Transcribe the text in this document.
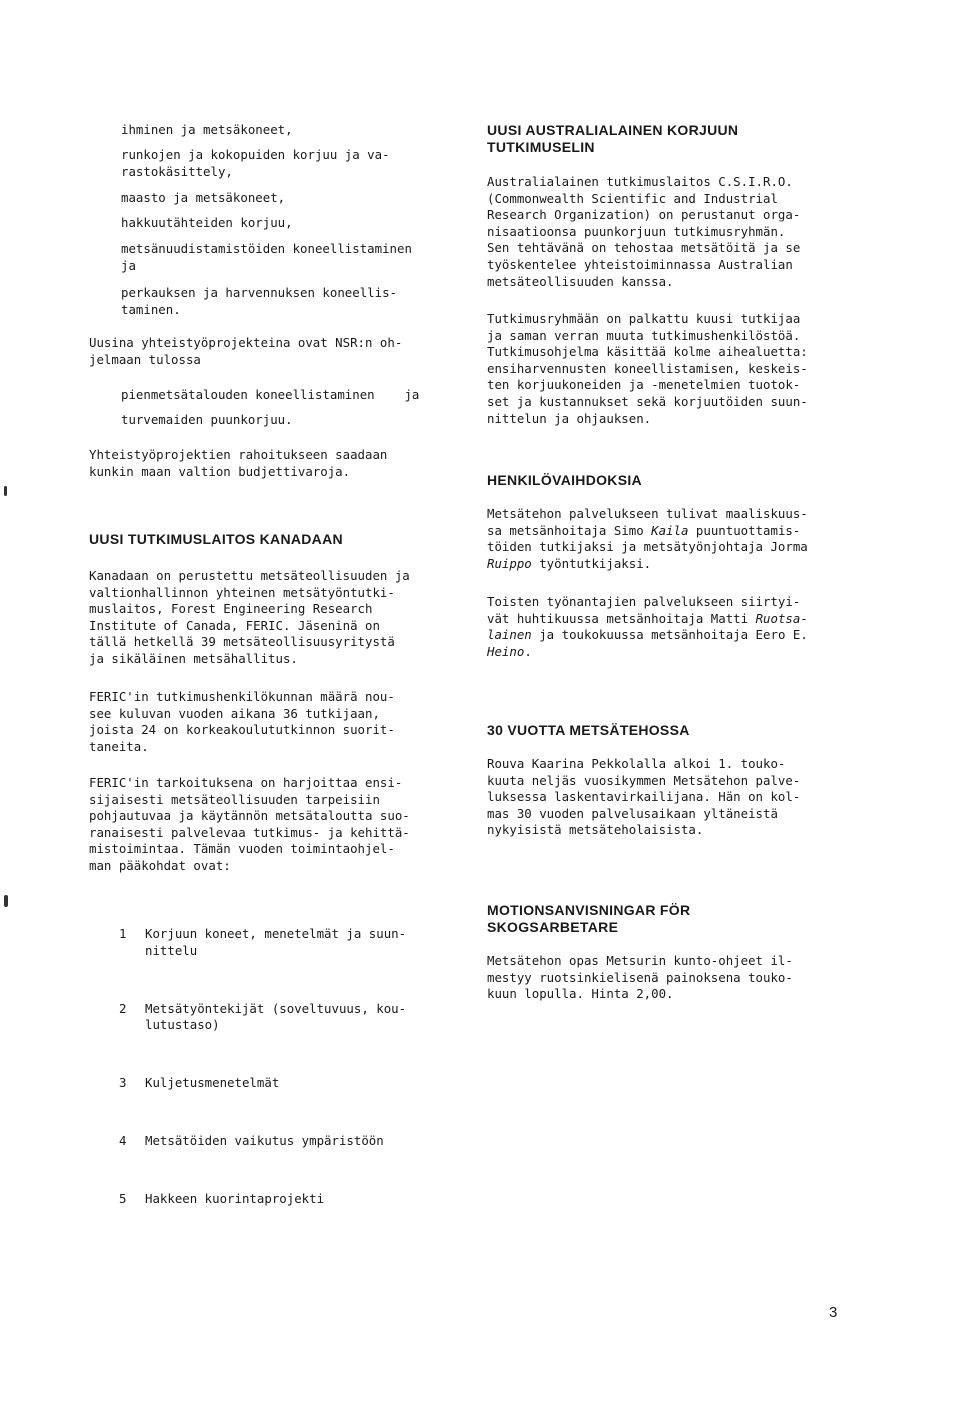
ihminen ja metsäkoneet,
runkojen ja kokopuiden korjuu ja va-
rastokäsittely,
maasto ja metsäkoneet,
hakkuutähteiden korjuu,
metsänuudistamistöiden koneellistaminen
ja
perkauksen ja harvennuksen koneellis-
taminen.
Uusina yhteistyöprojekteina ovat NSR:n oh-
jelmaan tulossa
pienmetsätalouden koneellistaminen    ja
turvemaiden puunkorjuu.
Yhteistyöprojektien rahoitukseen saadaan
kunkin maan valtion budjettivaroja.
UUSI TUTKIMUSLAITOS KANADAAN
Kanadaan on perustettu metsäteollisuuden ja
valtionhallinnon yhteinen metsätyöntutki-
muslaitos, Forest Engineering Research
Institute of Canada, FERIC. Jäseninä on
tällä hetkellä 39 metsäteollisuusyritystä
ja sikäläinen metsähallitus.
FERIC'in tutkimushenkilökunnan määrä nou-
see kuluvan vuoden aikana 36 tutkijaan,
joista 24 on korkeakoulututkinnon suorit-
taneita.
FERIC'in tarkoituksena on harjoittaa ensi-
sijaisesti metsäteollisuuden tarpeisiin
pohjautuvaa ja käytännön metsätaloutta suo-
ranaisesti palvelevaa tutkimus- ja kehittä-
mistoimintaa. Tämän vuoden toimintaohjel-
man pääkohdat ovat:

1	Korjuun koneet, menetelmät ja suun-
nittelu

2	Metsätyöntekijät (soveltuvuus, kou-
lutustaso)

3	Kuljetusmenetelmät

4	Metsätöiden vaikutus ympäristöön

5	Hakkeen kuorintaprojekti

UUSI AUSTRALIALAINEN KORJUUN
TUTKIMUSELIN
Australialainen tutkimuslaitos C.S.I.R.O.
(Commonwealth Scientific and Industrial
Research Organization) on perustanut orga-
nisaatioonsa puunkorjuun tutkimusryhmän.
Sen tehtävänä on tehostaa metsätöitä ja se
työskentelee yhteistoiminnassa Australian
metsäteollisuuden kanssa.
Tutkimusryhmään on palkattu kuusi tutkijaa
ja saman verran muuta tutkimushenkilöstöä.
Tutkimusohjelma käsittää kolme aihealuetta:
ensiharvennusten koneellistamisen, keskeis-
ten korjuukoneiden ja -menetelmien tuotok-
set ja kustannukset sekä korjuutöiden suun-
nittelun ja ohjauksen.
HENKILÖVAIHDOKSIA
Metsätehon palvelukseen tulivat maaliskuus-
sa metsänhoitaja Simo Kaila puuntuottamis-
töiden tutkijaksi ja metsätyönjohtaja Jorma
Ruippo työntutkijaksi.
Toisten työnantajien palvelukseen siirtyi-
vät huhtikuussa metsänhoitaja Matti Ruotsa-
lainen ja toukokuussa metsänhoitaja Eero E.
Heino.
30 VUOTTA METSÄTEHOSSA
Rouva Kaarina Pekkolalla alkoi 1. touko-
kuuta neljäs vuosikymmen Metsätehon palve-
luksessa laskentavirkailijana. Hän on kol-
mas 30 vuoden palvelusaikaan yltäneistä
nykyisistä metsäteholaisista.
MOTIONSANVISNINGAR FÖR
SKOGSARBETARE
Metsätehon opas Metsurin kunto-ohjeet il-
mestyy ruotsinkielisenä painoksena touko-
kuun lopulla. Hinta 2,00.
3
